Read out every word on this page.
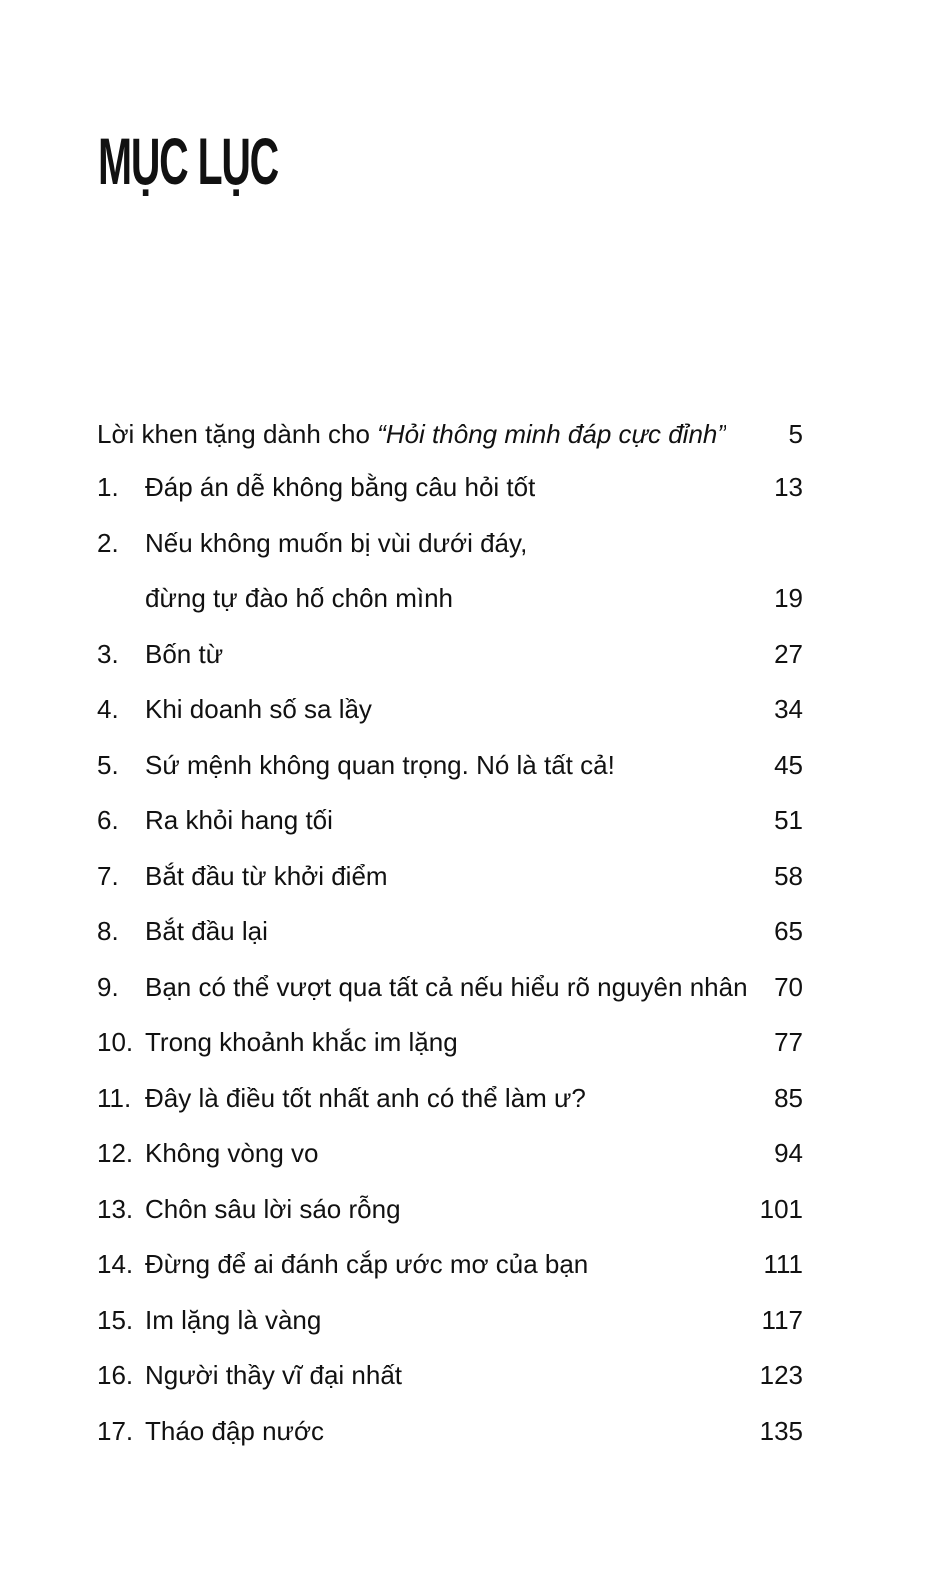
MỤC LỤC
Lời khen tặng dành cho “Hỏi thông minh đáp cực đỉnh” 5
1.	Đáp án dễ không bằng câu hỏi tốt	13
2.	Nếu không muốn bị vùi dưới đáy,
đừng tự đào hố chôn mình	19
3.	Bốn từ	27
4.	Khi doanh số sa lầy	34
5.	Sứ mệnh không quan trọng. Nó là tất cả!	45
6.	Ra khỏi hang tối	51
7.	Bắt đầu từ khởi điểm	58
8.	Bắt đầu lại	65
9.	Bạn có thể vượt qua tất cả nếu hiểu rõ nguyên nhân 70
10. Trong khoảnh khắc im lặng	77
11. Đây là điều tốt nhất anh có thể làm ư?	85
12. Không vòng vo	94
13. Chôn sâu lời sáo rỗng	101
14. Đừng để ai đánh cắp ước mơ của bạn	111
15. Im lặng là vàng	117
16. Người thầy vĩ đại nhất	123
17. Tháo đập nước	135
